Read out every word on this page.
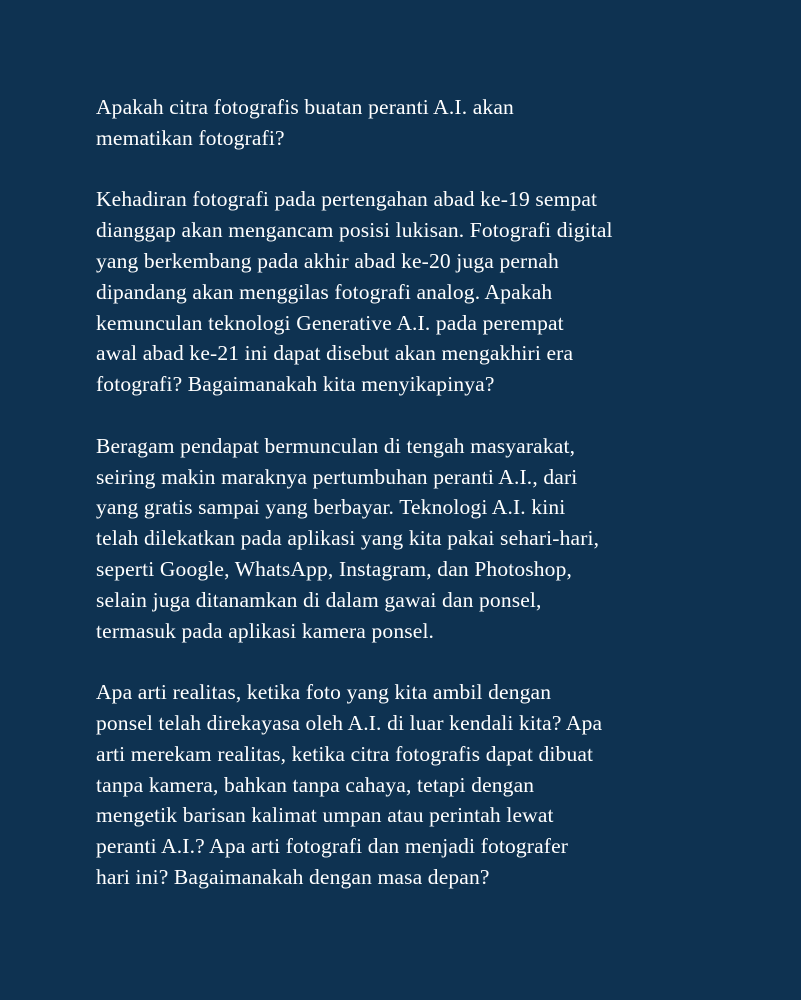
Apakah citra fotografis buatan peranti A.I. akan
mematikan fotografi?

Kehadiran fotografi pada pertengahan abad ke-19 sempat
dianggap akan mengancam posisi lukisan. Fotografi digital
yang berkembang pada akhir abad ke-20 juga pernah
dipandang akan menggilas fotografi analog. Apakah
kemunculan teknologi Generative A.I. pada perempat
awal abad ke-21 ini dapat disebut akan mengakhiri era
fotografi? Bagaimanakah kita menyikapinya?

Beragam pendapat bermunculan di tengah masyarakat,
seiring makin maraknya pertumbuhan peranti A.I., dari
yang gratis sampai yang berbayar. Teknologi A.I. kini
telah dilekatkan pada aplikasi yang kita pakai sehari-hari,
seperti Google, WhatsApp, Instagram, dan Photoshop,
selain juga ditanamkan di dalam gawai dan ponsel,
termasuk pada aplikasi kamera ponsel.

Apa arti realitas, ketika foto yang kita ambil dengan
ponsel telah direkayasa oleh A.I. di luar kendali kita? Apa
arti merekam realitas, ketika citra fotografis dapat dibuat
tanpa kamera, bahkan tanpa cahaya, tetapi dengan
mengetik barisan kalimat umpan atau perintah lewat
peranti A.I.? Apa arti fotografi dan menjadi fotografer
hari ini? Bagaimanakah dengan masa depan?
